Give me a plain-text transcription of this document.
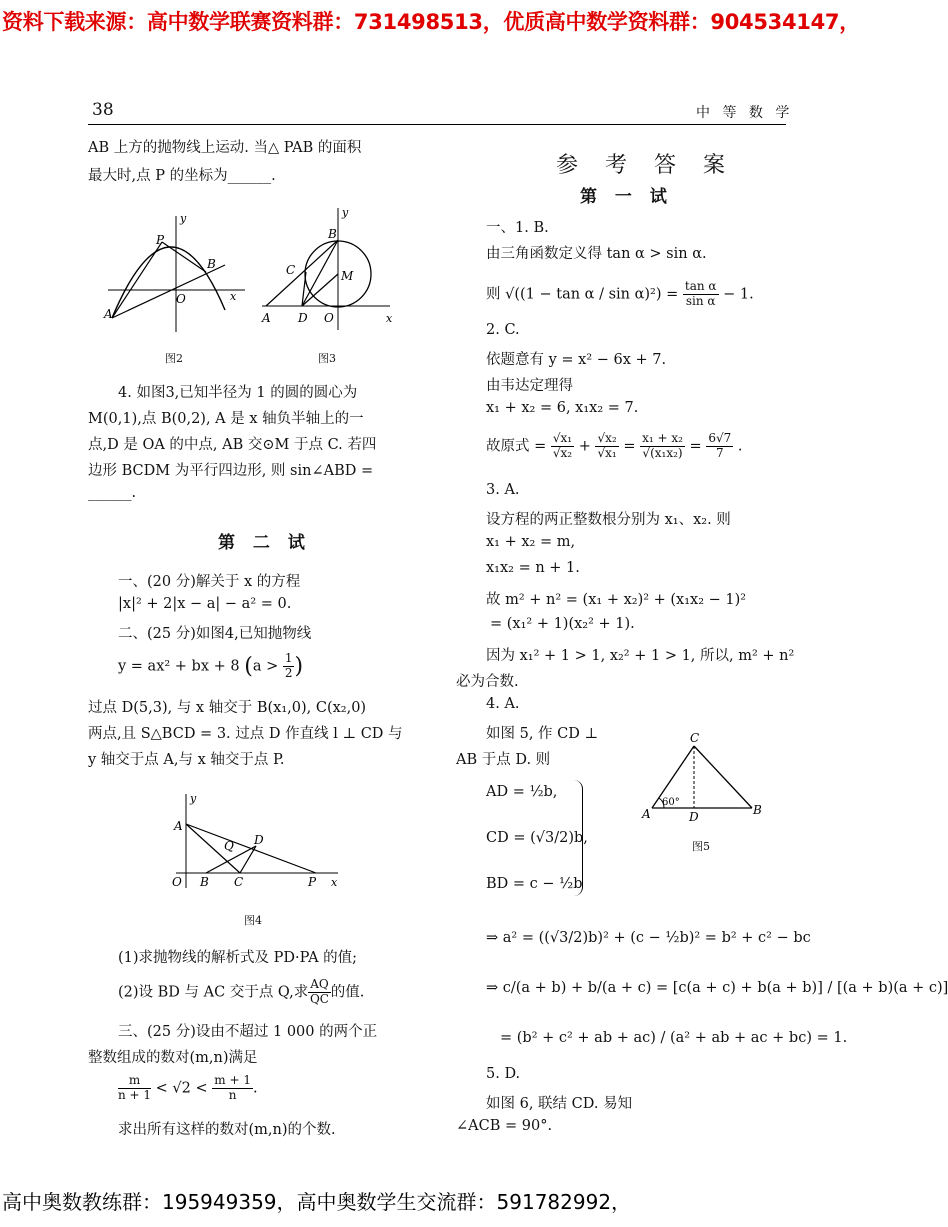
资料下载来源：高中数学联赛资料群：731498513，优质高中数学资料群：904534147，
高中奥数教练群：195949359，高中奥数学生交流群：591782992，
38	中 等 数 学
AB 上方的抛物线上运动. 当△ PAB 的面积
最大时,点 P 的坐标为______.
P
B
O
A
x
y
图2
B
C	M
A D O	x
y
图3
4. 如图3,已知半径为 1 的圆的圆心为
M(0,1),点 B(0,2), A 是 x 轴负半轴上的一
点,D 是 OA 的中点, AB 交⊙M 于点 C. 若四
边形 BCDM 为平行四边形, 则 sin∠ABD =
______.
第 二 试
一、(20 分)解关于 x 的方程
|x|² + 2|x − a| − a² = 0.
二、(25 分)如图4,已知抛物线
y = ax² + bx + 8 ($a > \frac{1}{2}$ )
过点 D(5,3), 与 x 轴交于 B(x₁,0), C(x₂,0)
两点,且 S△BCD = 3. 过点 D 作直线 l ⊥ CD 与
y 轴交于点 A,与 x 轴交于点 P.
A
D
Q
O B C	P x
y
图4
(1)求抛物线的解析式及 PD·PA 的值;
(2)设 BD 与 AC 交于点 Q,求 $\frac{AQ}{QC}$ 的值.
三、(25 分)设由不超过 1 000 的两个正
整数组成的数对(m,n)满足
$\frac{m}{n + 1} < √2 < \frac{m + 1}{n}$ .
求出所有这样的数对(m,n)的个数.
参 考 答 案
第 一 试
一、1. B.
由三角函数定义得 tan α > sin α.
则 $√((1 - \tan \alpha / \sin \alpha)^2) = \frac{\text{tan α}}{\text{sin α}} - 1$.
2. C.
依题意有 y = x² − 6x + 7.
由韦达定理得
x₁ + x₂ = 6, x₁x₂ = 7.
故原式 = $\frac{\text{√x₁}}{\text{√x₂}} + \frac{\text{√x₂}}{\text{√x₁}} = \frac{\text{x₁ + x₂}}{\text{√(x₁x₂)}} = \frac{6√7}{7}$ .
3. A.
设方程的两正整数根分别为 x₁、x₂. 则
x₁ + x₂ = m,
x₁x₂ = n + 1.
故 m² + n² = (x₁ + x₂)² + (x₁x₂ − 1)²
= (x₁² + 1)(x₂² + 1).
因为 x₁² + 1 > 1, x₂² + 1 > 1, 所以, m² + n²
必为合数.
4. A.
如图 5, 作 CD ⊥
AB 于点 D. 则
AD = ½b,
CD = (√3/2)b,
BD = c − ½b
C
A	D	B
60°
图5
⇒ a² = ((√3/2)b)² + (c − ½b)² = b² + c² − bc
⇒ c/(a + b) + b/(a + c) = [c(a + c) + b(a + b)] / [(a + b)(a + c)]
= (b² + c² + ab + ac) / (a² + ab + ac + bc) = 1.
5. D.
如图 6, 联结 CD. 易知
∠ACB = 90°.
